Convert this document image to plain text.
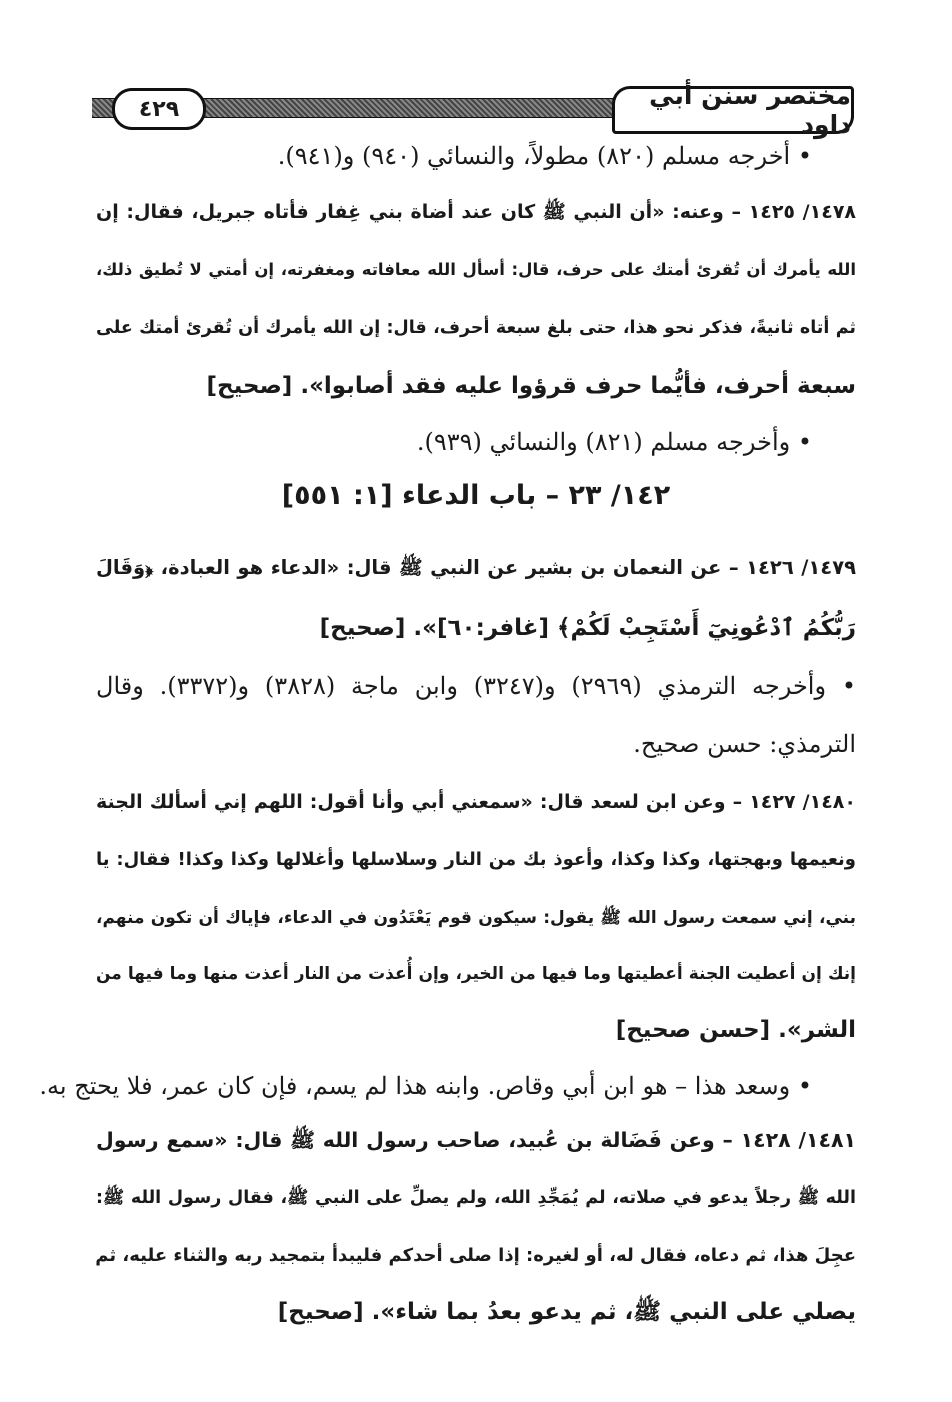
مختصر سنن أبي داود
٤٢٩
• أخرجه مسلم (٨٢٠) مطولاً، والنسائي (٩٤٠) و(٩٤١).
١٤٧٨/ ١٤٢٥ – وعنه: «أن النبي ﷺ كان عند أضاة بني غِفار فأتاه جبريل، فقال: إن
الله يأمرك أن تُقرئ أمتك على حرف، قال: أسأل الله معافاته ومغفرته، إن أمتي لا تُطيق ذلك،
ثم أتاه ثانيةً، فذكر نحو هذا، حتى بلغ سبعة أحرف، قال: إن الله يأمرك أن تُقرئ أمتك على
سبعة أحرف، فأيُّما حرف قرؤوا عليه فقد أصابوا». [صحيح]
• وأخرجه مسلم (٨٢١) والنسائي (٩٣٩).
١٤٢/ ٢٣ – باب الدعاء [١: ٥٥١]
١٤٧٩/ ١٤٢٦ – عن النعمان بن بشير عن النبي ﷺ قال: «الدعاء هو العبادة، ﴿وَقَالَ
رَبُّكُمُ ٱدْعُونِيٓ أَسْتَجِبْ لَكُمْ﴾ [غافر:٦٠]». [صحيح]
• وأخرجه الترمذي (٢٩٦٩) و(٣٢٤٧) وابن ماجة (٣٨٢٨) و(٣٣٧٢). وقال
الترمذي: حسن صحيح.
١٤٨٠/ ١٤٢٧ – وعن ابن لسعد قال: «سمعني أبي وأنا أقول: اللهم إني أسألك الجنة
ونعيمها وبهجتها، وكذا وكذا، وأعوذ بك من النار وسلاسلها وأغلالها وكذا وكذا! فقال: يا
بني، إني سمعت رسول الله ﷺ يقول: سيكون قوم يَعْتَدُون في الدعاء، فإياك أن تكون منهم،
إنك إن أعطيت الجنة أعطيتها وما فيها من الخير، وإن أُعذت من النار أعذت منها وما فيها من
الشر». [حسن صحيح]
• وسعد هذا – هو ابن أبي وقاص. وابنه هذا لم يسم، فإن كان عمر، فلا يحتج به.
١٤٨١/ ١٤٢٨ – وعن فَضَالة بن عُبيد، صاحب رسول الله ﷺ قال: «سمع رسول
الله ﷺ رجلاً يدعو في صلاته، لم يُمَجِّدِ الله، ولم يصلِّ على النبي ﷺ، فقال رسول الله ﷺ:
عجِلَ هذا، ثم دعاه، فقال له، أو لغيره: إذا صلى أحدكم فليبدأ بتمجيد ربه والثناء عليه، ثم
يصلي على النبي ﷺ، ثم يدعو بعدُ بما شاء». [صحيح]
